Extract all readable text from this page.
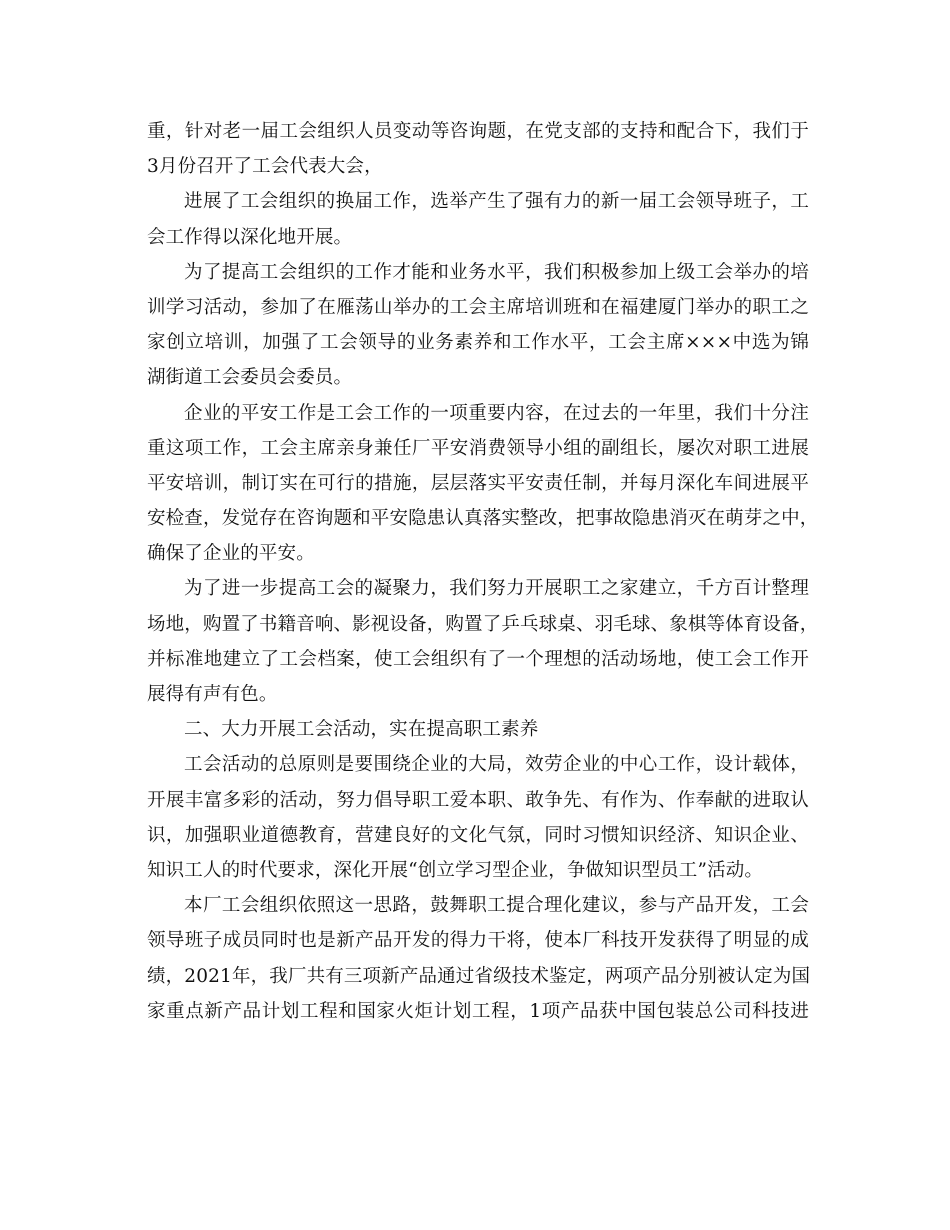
重，针对老一届工会组织人员变动等咨询题，在党支部的支持和配合下，我们于
3月份召开了工会代表大会，
进展了工会组织的换届工作，选举产生了强有力的新一届工会领导班子，工
会工作得以深化地开展。
为了提高工会组织的工作才能和业务水平，我们积极参加上级工会举办的培
训学习活动，参加了在雁荡山举办的工会主席培训班和在福建厦门举办的职工之
家创立培训，加强了工会领导的业务素养和工作水平，工会主席×××中选为锦
湖街道工会委员会委员。
企业的平安工作是工会工作的一项重要内容，在过去的一年里，我们十分注
重这项工作，工会主席亲身兼任厂平安消费领导小组的副组长，屡次对职工进展
平安培训，制订实在可行的措施，层层落实平安责任制，并每月深化车间进展平
安检查，发觉存在咨询题和平安隐患认真落实整改，把事故隐患消灭在萌芽之中，
确保了企业的平安。
为了进一步提高工会的凝聚力，我们努力开展职工之家建立，千方百计整理
场地，购置了书籍音响、影视设备，购置了乒乓球桌、羽毛球、象棋等体育设备，
并标准地建立了工会档案，使工会组织有了一个理想的活动场地，使工会工作开
展得有声有色。
二、大力开展工会活动，实在提高职工素养
工会活动的总原则是要围绕企业的大局，效劳企业的中心工作，设计载体，
开展丰富多彩的活动，努力倡导职工爱本职、敢争先、有作为、作奉献的进取认
识，加强职业道德教育，营建良好的文化气氛，同时习惯知识经济、知识企业、
知识工人的时代要求，深化开展“创立学习型企业，争做知识型员工”活动。
本厂工会组织依照这一思路，鼓舞职工提合理化建议，参与产品开发，工会
领导班子成员同时也是新产品开发的得力干将，使本厂科技开发获得了明显的成
绩，2021年，我厂共有三项新产品通过省级技术鉴定，两项产品分别被认定为国
家重点新产品计划工程和国家火炬计划工程，1项产品获中国包装总公司科技进
